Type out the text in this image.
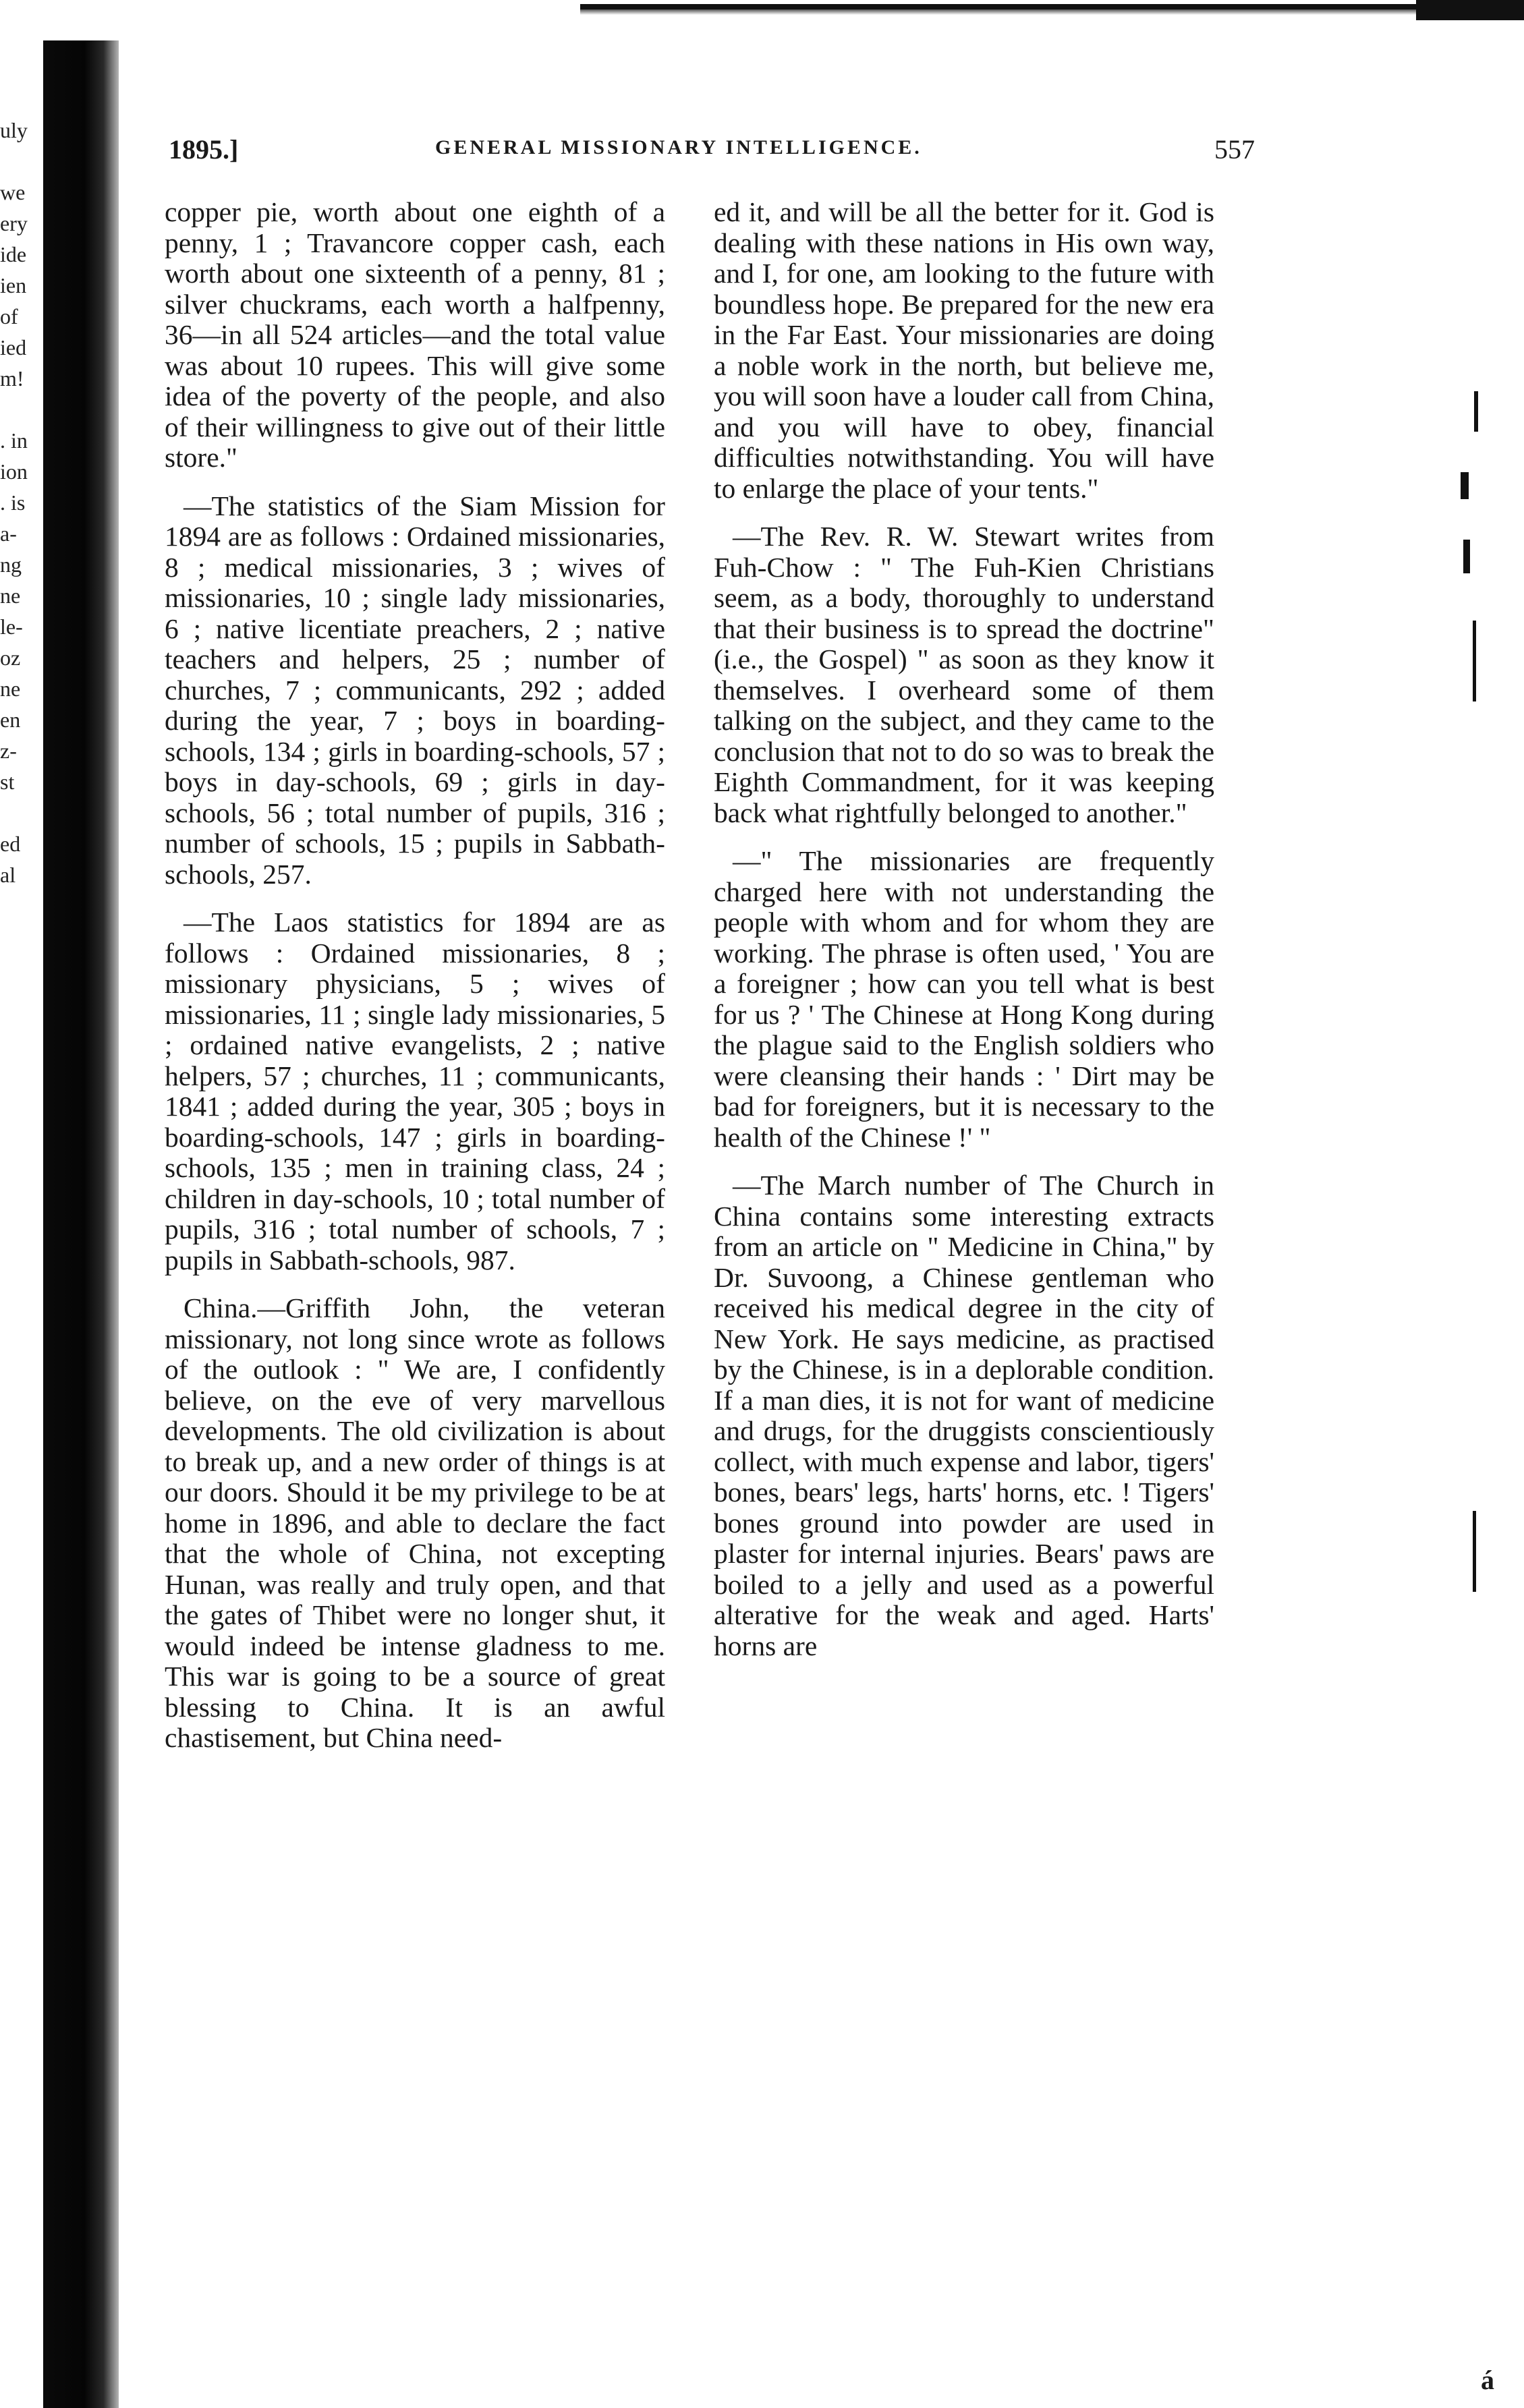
uly
we
ery
ide
ien
of
ied
m!
. in
ion
. is
a-
ng
ne
le-
oz
ne
en
z-
st
ed
al
1895.]	GENERAL MISSIONARY INTELLIGENCE.	557

copper pie, worth about one eighth of a penny, 1 ; Travancore copper cash, each worth about one sixteenth of a penny, 81 ; silver chuckrams, each worth a halfpenny, 36—in all 524 articles—and the total value was about 10 rupees. This will give some idea of the poverty of the people, and also of their willingness to give out of their little store."

—The statistics of the Siam Mission for 1894 are as follows : Ordained missionaries, 8 ; medical missionaries, 3 ; wives of missionaries, 10 ; single lady missionaries, 6 ; native licentiate preachers, 2 ; native teachers and helpers, 25 ; number of churches, 7 ; communicants, 292 ; added during the year, 7 ; boys in boarding-schools, 134 ; girls in boarding-schools, 57 ; boys in day-schools, 69 ; girls in day-schools, 56 ; total number of pupils, 316 ; number of schools, 15 ; pupils in Sabbath-schools, 257.

—The Laos statistics for 1894 are as follows : Ordained missionaries, 8 ; missionary physicians, 5 ; wives of missionaries, 11 ; single lady missionaries, 5 ; ordained native evangelists, 2 ; native helpers, 57 ; churches, 11 ; communicants, 1841 ; added during the year, 305 ; boys in boarding-schools, 147 ; girls in boarding-schools, 135 ; men in training class, 24 ; children in day-schools, 10 ; total number of pupils, 316 ; total number of schools, 7 ; pupils in Sabbath-schools, 987.

China.—Griffith John, the veteran missionary, not long since wrote as follows of the outlook : " We are, I confidently believe, on the eve of very marvellous developments. The old civilization is about to break up, and a new order of things is at our doors. Should it be my privilege to be at home in 1896, and able to declare the fact that the whole of China, not excepting Hunan, was really and truly open, and that the gates of Thibet were no longer shut, it would indeed be intense gladness to me. This war is going to be a source of great blessing to China. It is an awful chastisement, but China need-

ed it, and will be all the better for it. God is dealing with these nations in His own way, and I, for one, am looking to the future with boundless hope. Be prepared for the new era in the Far East. Your missionaries are doing a noble work in the north, but believe me, you will soon have a louder call from China, and you will have to obey, financial difficulties notwithstanding. You will have to enlarge the place of your tents."

—The Rev. R. W. Stewart writes from Fuh-Chow : " The Fuh-Kien Christians seem, as a body, thoroughly to understand that their business is to spread the doctrine" (i.e., the Gospel) " as soon as they know it themselves. I overheard some of them talking on the subject, and they came to the conclusion that not to do so was to break the Eighth Commandment, for it was keeping back what rightfully belonged to another."

—" The missionaries are frequently charged here with not understanding the people with whom and for whom they are working. The phrase is often used, ' You are a foreigner ; how can you tell what is best for us ? ' The Chinese at Hong Kong during the plague said to the English soldiers who were cleansing their hands : ' Dirt may be bad for foreigners, but it is necessary to the health of the Chinese !' "

—The March number of The Church in China contains some interesting extracts from an article on " Medicine in China," by Dr. Suvoong, a Chinese gentleman who received his medical degree in the city of New York. He says medicine, as practised by the Chinese, is in a deplorable condition. If a man dies, it is not for want of medicine and drugs, for the druggists conscientiously collect, with much expense and labor, tigers' bones, bears' legs, harts' horns, etc. ! Tigers' bones ground into powder are used in plaster for internal injuries. Bears' paws are boiled to a jelly and used as a powerful alterative for the weak and aged. Harts' horns are

á
